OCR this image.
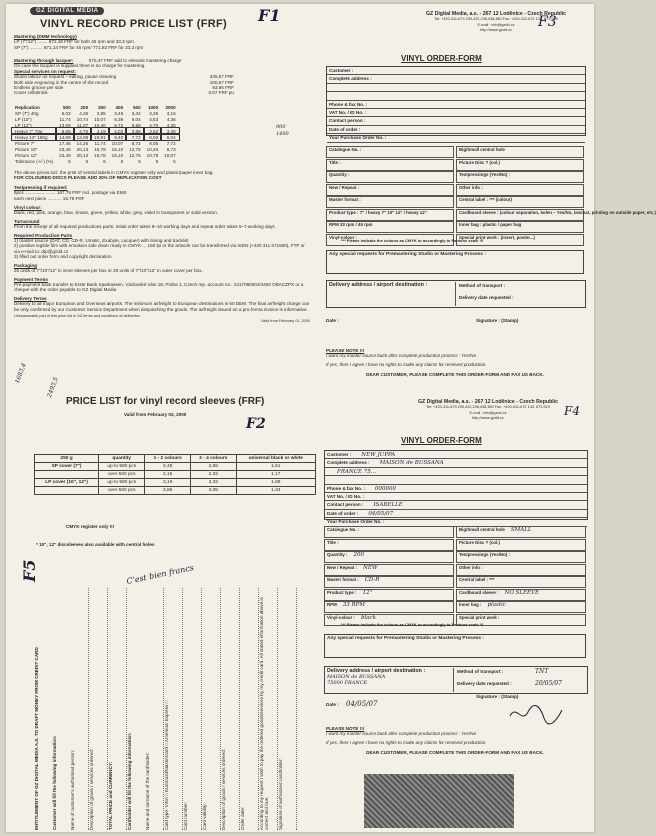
GZ DIGITAL MEDIA
VINYL RECORD PRICE LIST (FRF) F1
Mastering (DMM technology)
LP (7"/12") ........ 872,48 FRF for both 45 rpm and 33,3 rpm
SP (7") .......... 871,14 FRF for 45 rpm/ 771,83 FRF for 33,3 rpm
Mastering through lacquer:	570,47 FRF add to relevant mastering charge
On case the lacquer is supplied there is no charge for mastering.
Special services on request:
Studio labour on request – editing, pause cleaning	335,57 FRF
Both side engraving in the centre of the record	100,67 FRF
Endless groove per side	93,96 FRF
Cover cellotinink	0,67 FRF pu
Replication	500	200	300	400	500	1000	2000
SP (7") 40g	5,03	4,36	3,85	3,49	3,42	3,26	3,15
LP (10")	11,74	10,74	10,07	8,39	6,04	4,53	4,36
LP (12")	13,09	11,07	10,40	8,72	6,88	4,70	4,36
Heavy 7" 70g	8,05	4,70	4,19	4,03	3,86	3,52	3,36
Heavy 12" 180g	14,09	12,08	10,91	9,40	7,72	6,03	6,04
Picture 7"	17,45	14,26	11,74	10,07	8,72	8,05	7,72
Picture 10"	23,49	20,13	16,78	15,10	12,75	10,40	8,73
Picture 12"	23,49	20,13	16,78	15,10	12,75	10,79	10,07
Tolerance (+/-) (%)	6	6	6	6	6	5	5
900
1400
The above prices incl. the print of central labels in CMYK register only and plastic/paper inner bag.
FOR COLOURED DISCS PLEASE ADD 20% OF REPLICATION COST
Testpressing if required:
5pcs ........................ 167,79 FRF incl. postage via EMS
each next piece ........... 16,78 FRF
Vinyl colour:
black, red, pink, orange, blue, brown, green, yellow, white, grey, violet in transparent or solid version.
Turnaround
From the receipt of all required productions parts: Initial order takes 8–10 working days and repeat order takes 5–7 working days
Required Production Parts
1) master source (DAT, CD, CD-R, Umatic, Exabyte, Lacquer) with timing and tracklist
2) positive legible film with emulsion side down ready in CMYK ... 150 lpi or the artwork can be transferred via ISDN (+420 311 671560), FTP or via e-mail to: dtp@gzdd.cz
3) filled out order form and copyright declaration
Packaging
25 units of 7"/10"/12" in inner sleeves per box or 20 units of 7"/10"/12" in outer cover per box.
Payment Terms
Pre-payment bank transfer to Erste Bank Sparkassen, Václavské nám 18, Praha 1, Czech rep. account no.: 2417090002/4400 OBACZPX or a cheque with the order payable to GZ Digital Media
Delivery Terms
Delivery to all major European and Overseas airports. The minimum airfreight to European destinations is 60 DEM. The final airfreight charge can be only confirmed by our Customer Service Department when despatching the goods. The airfreight issued on a pro-forma invoice is informative.
Unseasonable part of this price list is GZ terms and conditions of deliveries.
Valid from February 01, 2000
GZ Digital Media, a.s. - 267 12 Loděnice - Czech Republic
Tel: +420-311-673 239,422,238,438,380 Fax: +420-311-672 143, 673 519
E-mail : info@gzdd.cz
http://www.gzdd.cz
F3
VINYL ORDER-FORM
Customer :
Complete address :
Phone & fax No. :
VAT No. / ID No. :
Contact person :
Date of order :
Your Purchase Order No. :
Catalogue No. :
Title :
Quantity :
New / Repeat :
Master format :
Product type : 7" / heavy 7" 10" 12" / heavy 12"
RPM 33 rpm / 45 rpm
Vinyl-colour :
Big/Small central hole
Picture Disc ? (col.)
Testpressings (Yes/No) :
Other info :
Central label : *** (colour)
Cardboard sleeve : (colour separation, kolen – Yes/No, laminat, printing on outside paper, etc.)
Inner bag : plastic / paper bag
Special print work : (insert, poster...)
*** Please indicate the colours as CMYK or accordingly to Pantone scale !!!
Any special requests for Premastering Studio or Mastering Process :
Delivery address / airport destination :	Method of transport :
Delivery date requested :
Date :	Signature : (Stamp)
PLEASE NOTE !!!
I want my master source back after complete production process : Yes/No
If yes, then I agree I have no rights to make any claims for received production.
DEAR CUSTOMER, PLEASE COMPLETE THIS ORDER-FORM AND FAX US BACK.
1683,4
2493,5
PRICE LIST for vinyl record sleeves (FRF)
Valid from February 02, 2000
F2
250 g	quantity	1 - 2 colours	3 - 4 colours	universal black or white
SP cover (7")	up to 500 pcs	2,48	2,65	1,51
	over 500 pcs	2,15	2,32	1,17
LP cover (10", 12")	up to 500 pcs	3,19	3,32	1,68
	over 500 pcs	2,85	3,05	1,34
CMYK register only !!!
* 10", 12" discsleeves also available with central holes
C'est bien francs
F5
ENTITLEMENT OF GZ DIGITAL MEDIA A.S. TO DRAFT MONEY FROM CREDIT CARD	Customer will fill the following information:	Name of customer's authorized person:	Description of goods / services ordered:	TOTAL PRICE and CURRENCY:	Cardholder will fill the following information:	Name and surname of the cardholder:	Card type: VISA □ EuroCard/MasterCard □ American Express □	Card number:	Card validity:	Description of goods / services ordered:	Order date:	According to my request I wish to pay the ordered goods/services by my credit card. All stated information above is correct and true.	Signature of authorized cardholder:
GZ Digital Media, a.s. - 267 12 Loděnice - Czech Republic
Tel: +420-311-673 239,422,238,438,380 Fax: +420-311-672 143, 673 519
E-mail : info@gzdd.cz
http://www.gzdd.cz
F4
VINYL ORDER-FORM
Customer : NEW JUPPA
Complete address : MAISON de BUSSANA
FRANCE 75...
Phone & fax No. : 000000
VAT No. / ID No. :
Contact person : ISABELLE
Date of order : 04/05/07
Your Purchase Order No. :
Catalogue No. :
Title :
Quantity : 200
New / Repeat : NEW
Master format : CD-R
Product type : 12"
RPM 33 RPM
Vinyl-colour : black
Big/Small central hole SMALL
Picture Disc ? (col.)
Testpressings (Yes/No) :
Other info :
Central label : ***
Cardboard sleeve : NO SLEEVE
Inner bag : plastic
Special print work :
*** Please indicate the colours as CMYK or accordingly to Pantone scale !!!
Any special requests for Premastering Studio or Mastering Process :
Delivery address / airport destination :
MAISON de BUSSANA
75000 FRANCE
Method of transport :	TNT
Delivery date requested :	20/05/07
Date : 04/05/07
Signature : (Stamp)
PLEASE NOTE !!!
I want my master source back after complete production process : Yes/No
If yes, then I agree I have no rights to make any claims for received production.
DEAR CUSTOMER, PLEASE COMPLETE THIS ORDER-FORM AND FAX US BACK.
